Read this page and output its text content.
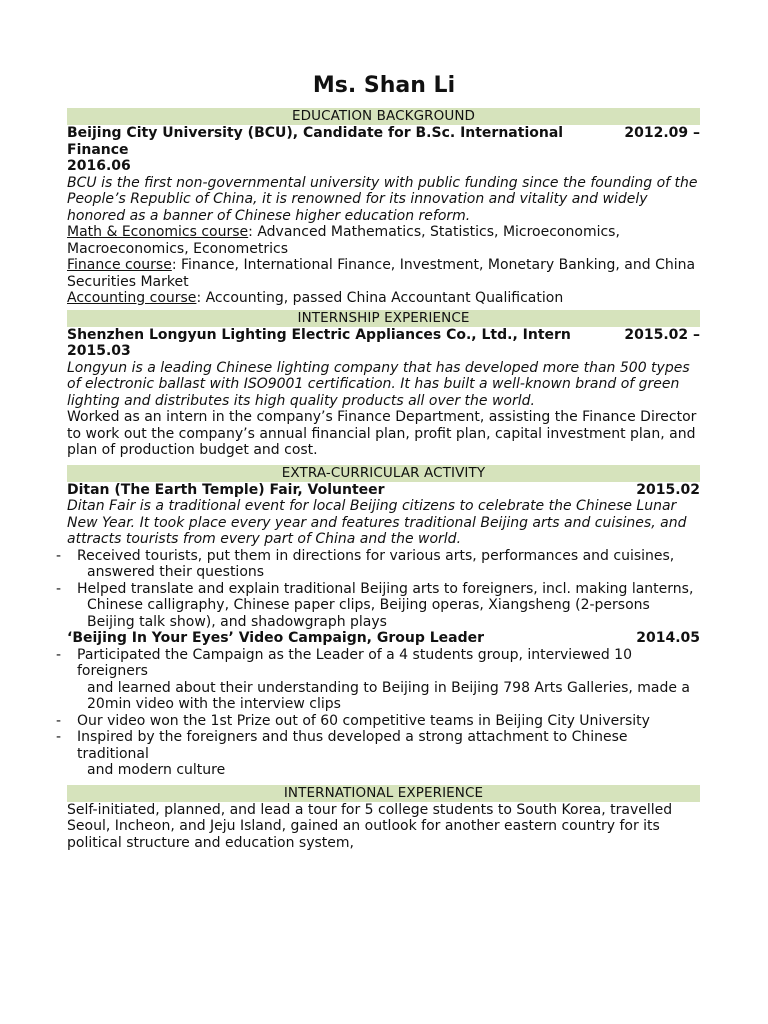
Ms. Shan Li
EDUCATION BACKGROUND
Beijing City University (BCU), Candidate for B.Sc. International Finance
2012.09 –
2016.06

BCU is the first non-governmental university with public funding since the founding of the People’s Republic of China, it is renowned for its innovation and vitality and widely honored as a banner of Chinese higher education reform.

Math & Economics course: Advanced Mathematics, Statistics, Microeconomics, Macroeconomics, Econometrics
Finance course: Finance, International Finance, Investment, Monetary Banking, and China Securities Market
Accounting course: Accounting, passed China Accountant Qualification
INTERNSHIP EXPERIENCE
Shenzhen Longyun Lighting Electric Appliances Co., Ltd., Intern	2015.02 –
2015.03

Longyun is a leading Chinese lighting company that has developed more than 500 types of electronic ballast with ISO9001 certification. It has built a well-known brand of green lighting and distributes its high quality products all over the world.

Worked as an intern in the company’s Finance Department, assisting the Finance Director to work out the company’s annual financial plan, profit plan, capital investment plan, and plan of production budget and cost.

EXTRA-CURRICULAR ACTIVITY
Ditan (The Earth Temple) Fair, Volunteer	2015.02

Ditan Fair is a traditional event for local Beijing citizens to celebrate the Chinese Lunar New Year. It took place every year and features traditional Beijing arts and cuisines, and attracts tourists from every part of China and the world.

- Received tourists, put them in directions for various arts, performances and cuisines,
answered their questions
- Helped translate and explain traditional Beijing arts to foreigners, incl. making lanterns,
Chinese calligraphy, Chinese paper clips, Beijing operas, Xiangsheng (2-persons Beijing talk show), and shadowgraph plays
‘Beijing In Your Eyes’ Video Campaign, Group Leader	2014.05
- Participated the Campaign as the Leader of a 4 students group, interviewed 10 foreigners
and learned about their understanding to Beijing in Beijing 798 Arts Galleries, made a 20min video with the interview clips
- Our video won the 1st Prize out of 60 competitive teams in Beijing City University
- Inspired by the foreigners and thus developed a strong attachment to Chinese traditional
and modern culture
INTERNATIONAL EXPERIENCE

Self-initiated, planned, and lead a tour for 5 college students to South Korea, travelled Seoul, Incheon, and Jeju Island, gained an outlook for another eastern country for its political structure and education system,
